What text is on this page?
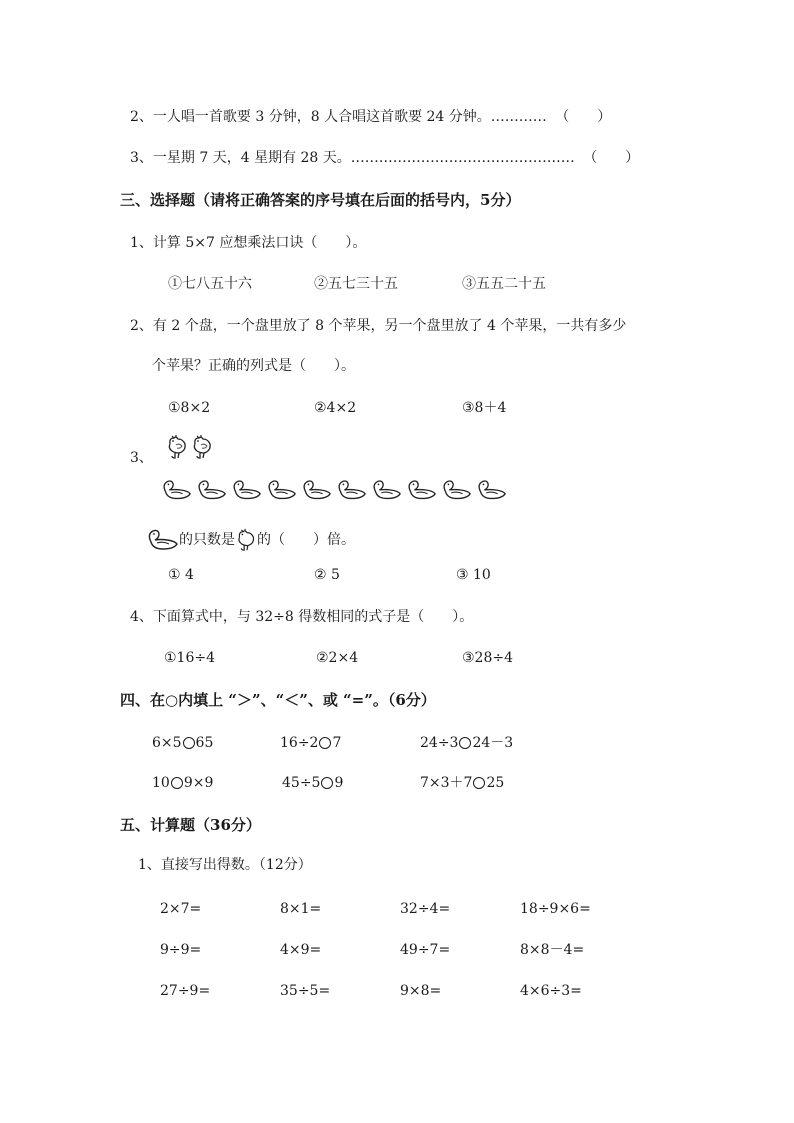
2、一人唱一首歌要 3 分钟，8 人合唱这首歌要 24 分钟。………… （　　）
3、一星期 7 天，4 星期有 28 天。………………………………………… （　　）
三、选择题（请将正确答案的序号填在后面的括号内，5分）
1、计算 5×7 应想乘法口诀（　　）。
①七八五十六	②五七三十五	③五五二十五
2、有 2 个盘，一个盘里放了 8 个苹果，另一个盘里放了 4 个苹果，一共有多少
个苹果？正确的列式是（　　）。
①8×2	②4×2	③8＋4
3、
的只数是 的（　　）倍。
① 4	② 5	③ 10
4、下面算式中，与 32÷8 得数相同的式子是（　　）。
①16÷4	②2×4	③28÷4
四、在○内填上 “＞”、“＜”、或 “=”。（6分）
6×5 65	16÷2 7	24÷3 24－3
10 9×9	45÷5 9	7×3＋7 25
五、计算题（36分）
1、直接写出得数。（12分）
2×7=	8×1=	32÷4=	18÷9×6=
9÷9=	4×9=	49÷7=	8×8－4=
27÷9=	35÷5=	9×8=	4×6÷3=
